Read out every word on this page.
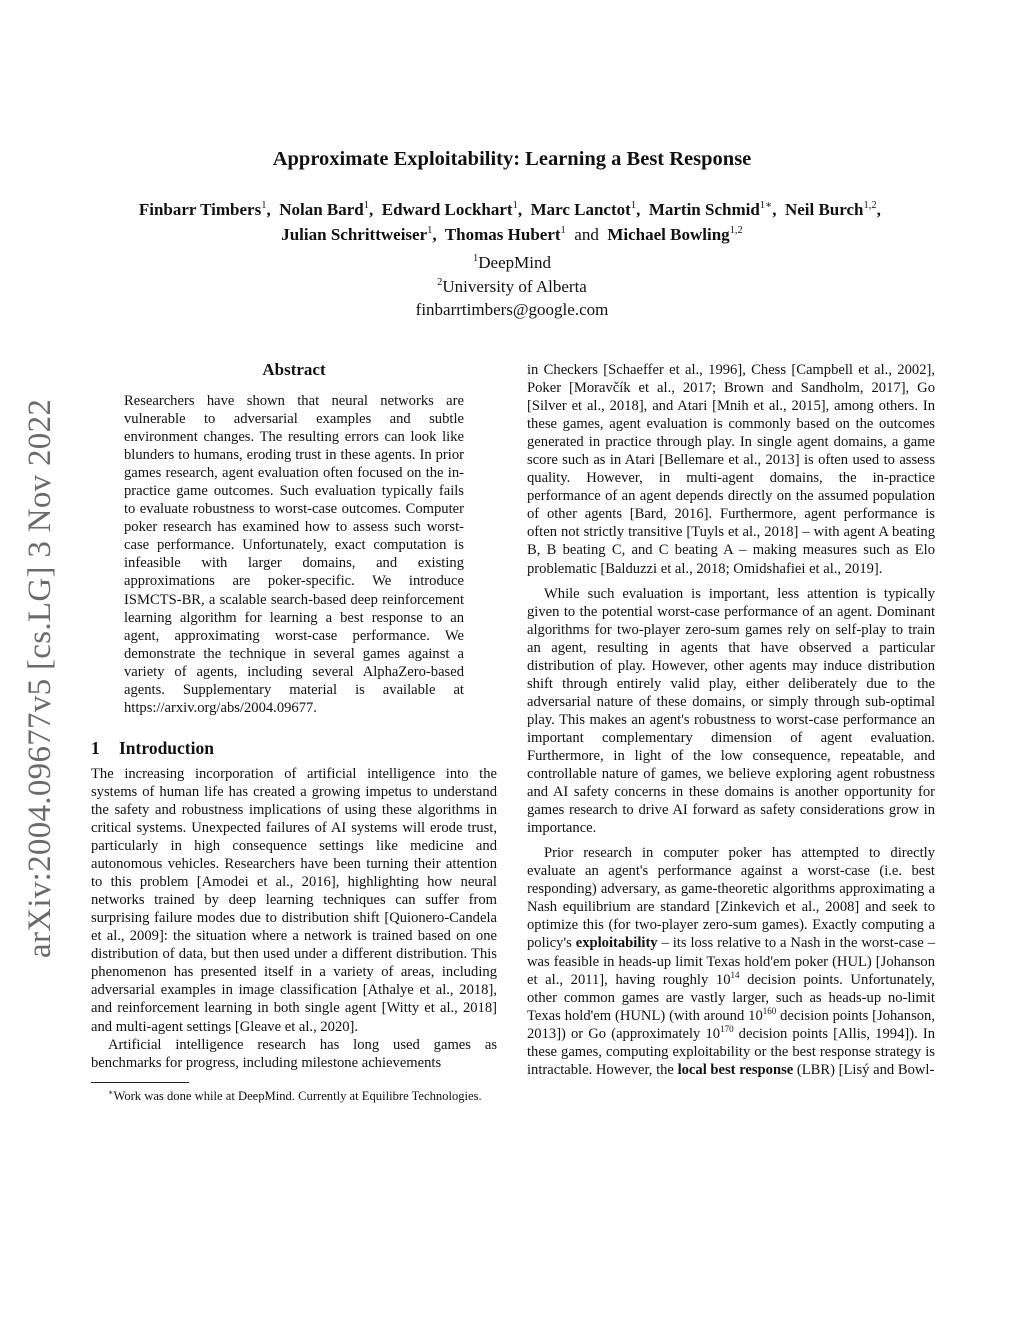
arXiv:2004.09677v5 [cs.LG] 3 Nov 2022
Approximate Exploitability: Learning a Best Response
Finbarr Timbers$^1$,  Nolan Bard$^1$,  Edward Lockhart$^1$,  Marc Lanctot$^1$,  Martin Schmid$^{1∗}$,  Neil Burch$^{1,2}$,  Julian Schrittweiser$^1$,  Thomas Hubert$^1$ and Michael Bowling$^{1,2}$
$^1$DeepMind
$^2$University of Alberta
finbarrtimbers@google.com
Abstract

Researchers have shown that neural networks are vulnerable to adversarial examples and subtle environment changes. The resulting errors can look like blunders to humans, eroding trust in these agents. In prior games research, agent evaluation often focused on the in-practice game outcomes. Such evaluation typically fails to evaluate robustness to worst-case outcomes. Computer poker research has examined how to assess such worst-case performance. Unfortunately, exact computation is infeasible with larger domains, and existing approximations are poker-specific. We introduce ISMCTS-BR, a scalable search-based deep reinforcement learning algorithm for learning a best response to an agent, approximating worst-case performance. We demonstrate the technique in several games against a variety of agents, including several AlphaZero-based agents. Supplementary material is available at https://arxiv.org/abs/2004.09677.

1 Introduction

The increasing incorporation of artificial intelligence into the systems of human life has created a growing impetus to understand the safety and robustness implications of using these algorithms in critical systems. Unexpected failures of AI systems will erode trust, particularly in high consequence settings like medicine and autonomous vehicles. Researchers have been turning their attention to this problem [Amodei et al., 2016], highlighting how neural networks trained by deep learning techniques can suffer from surprising failure modes due to distribution shift [Quionero-Candela et al., 2009]: the situation where a network is trained based on one distribution of data, but then used under a different distribution. This phenomenon has presented itself in a variety of areas, including adversarial examples in image classification [Athalye et al., 2018], and reinforcement learning in both single agent [Witty et al., 2018] and multi-agent settings [Gleave et al., 2020].

Artificial intelligence research has long used games as benchmarks for progress, including milestone achievements

∗Work was done while at DeepMind. Currently at Equilibre Technologies.

in Checkers [Schaeffer et al., 1996], Chess [Campbell et al., 2002], Poker [Moravčík et al., 2017; Brown and Sandholm, 2017], Go [Silver et al., 2018], and Atari [Mnih et al., 2015], among others. In these games, agent evaluation is commonly based on the outcomes generated in practice through play. In single agent domains, a game score such as in Atari [Bellemare et al., 2013] is often used to assess quality. However, in multi-agent domains, the in-practice performance of an agent depends directly on the assumed population of other agents [Bard, 2016]. Furthermore, agent performance is often not strictly transitive [Tuyls et al., 2018] – with agent A beating B, B beating C, and C beating A – making measures such as Elo problematic [Balduzzi et al., 2018; Omidshafiei et al., 2019].

While such evaluation is important, less attention is typically given to the potential worst-case performance of an agent. Dominant algorithms for two-player zero-sum games rely on self-play to train an agent, resulting in agents that have observed a particular distribution of play. However, other agents may induce distribution shift through entirely valid play, either deliberately due to the adversarial nature of these domains, or simply through sub-optimal play. This makes an agent's robustness to worst-case performance an important complementary dimension of agent evaluation. Furthermore, in light of the low consequence, repeatable, and controllable nature of games, we believe exploring agent robustness and AI safety concerns in these domains is another opportunity for games research to drive AI forward as safety considerations grow in importance.

Prior research in computer poker has attempted to directly evaluate an agent's performance against a worst-case (i.e. best responding) adversary, as game-theoretic algorithms approximating a Nash equilibrium are standard [Zinkevich et al., 2008] and seek to optimize this (for two-player zero-sum games). Exactly computing a policy's exploitability – its loss relative to a Nash in the worst-case – was feasible in heads-up limit Texas hold'em poker (HUL) [Johanson et al., 2011], having roughly $10^{14}$ decision points. Unfortunately, other common games are vastly larger, such as heads-up no-limit Texas hold'em (HUNL) (with around $10^{160}$ decision points [Johanson, 2013]) or Go (approximately $10^{170}$ decision points [Allis, 1994]). In these games, computing exploitability or the best response strategy is intractable. However, the local best response (LBR) [Lisý and Bowl-
